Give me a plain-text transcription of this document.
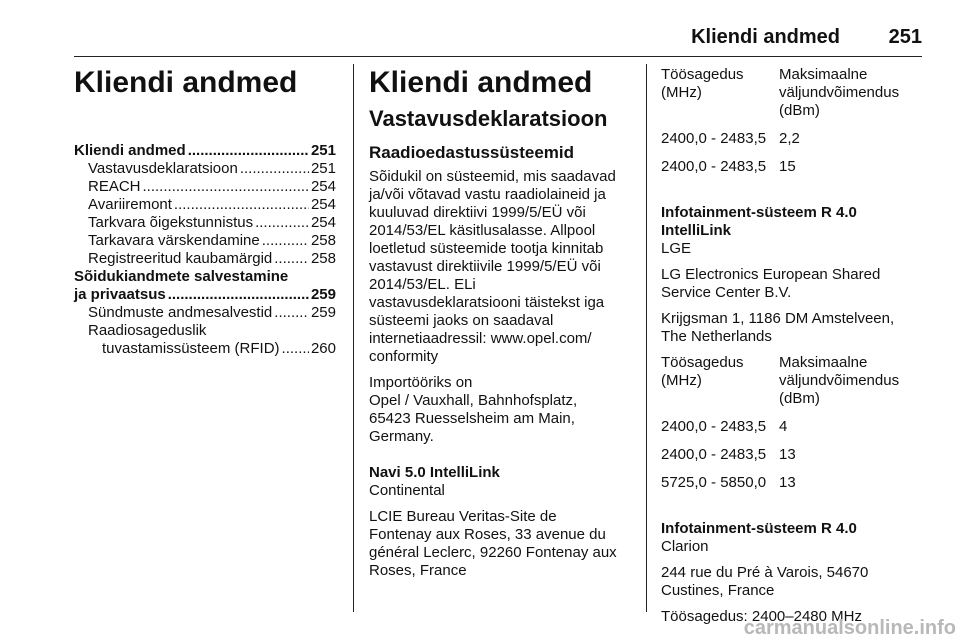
Kliendi andmed 251
Kliendi andmed
Kliendi andmed .....	251
Vastavusdeklaratsioon .....	251
REACH .....	254
Avariiremont .....	254
Tarkvara õigekstunnistus .....	254
Tarkavara värskendamine .....	258
Registreeritud kaubamärgid .....	258
Sõidukiandmete salvestamine
ja privaatsus .....	259
Sündmuste andmesalvestid .....	259
Raadiosageduslik
tuvastamissüsteem (RFID) ..... 260
Kliendi andmed
Vastavusdeklaratsioon
Raadioedastussüsteemid

Sõidukil on süsteemid, mis saadavad
ja/või võtavad vastu raadiolaineid ja
kuuluvad direktiivi 1999/5/EÜ või
2014/53/EL käsitlusalasse. Allpool
loetletud süsteemide tootja kinnitab
vastavust direktiivile 1999/5/EÜ või
2014/53/EL. ELi
vastavusdeklaratsiooni täistekst iga
süsteemi jaoks on saadaval
internetiaadressil: www.opel.com/
conformity

Importööriks on
Opel / Vauxhall, Bahnhofsplatz,
65423 Ruesselsheim am Main,
Germany.

Navi 5.0 IntelliLink

Continental

LCIE Bureau Veritas-Site de
Fontenay aux Roses, 33 avenue du
général Leclerc, 92260 Fontenay aux
Roses, France

Töösagedus
(MHz)	Maksimaalne
väljundvõimendus
(dBm)
2400,0 - 2483,5	2,2
2400,0 - 2483,5	15
Infotainment-süsteem R 4.0
IntelliLink

LGE

LG Electronics European Shared
Service Center B.V.

Krijgsman 1, 1186 DM Amstelveen,
The Netherlands

Töösagedus
(MHz)	Maksimaalne
väljundvõimendus
(dBm)
2400,0 - 2483,5	4
2400,0 - 2483,5	13
5725,0 - 5850,0	13
Infotainment-süsteem R 4.0

Clarion

244 rue du Pré à Varois, 54670
Custines, France

Töösagedus: 2400–2480 MHz

carmanualsonline.info
